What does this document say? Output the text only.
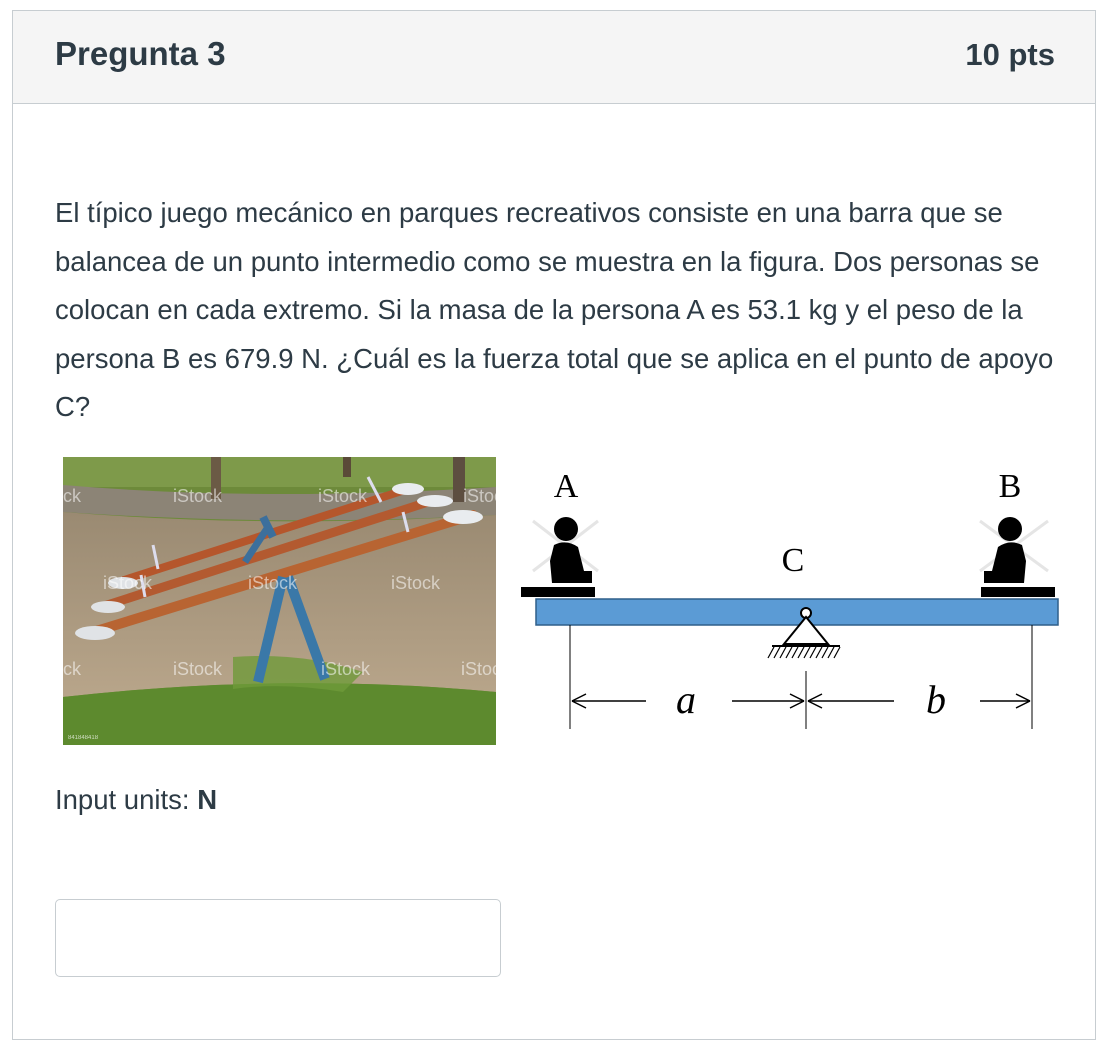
Pregunta 3	10 pts

El típico juego mecánico en parques recreativos consiste en una barra que se balancea de un punto intermedio como se muestra en la figura. Dos personas se colocan en cada extremo. Si la masa de la persona A es 53.1 kg y el peso de la persona B es 679.9 N. ¿Cuál es la fuerza total que se aplica en el punto de apoyo C?

iStock	iStock	iStock
ck
iStock	iStock	iStock
iStock	iStock	iStock
ck
841848418
A	B
C
a	b
Input units: N
